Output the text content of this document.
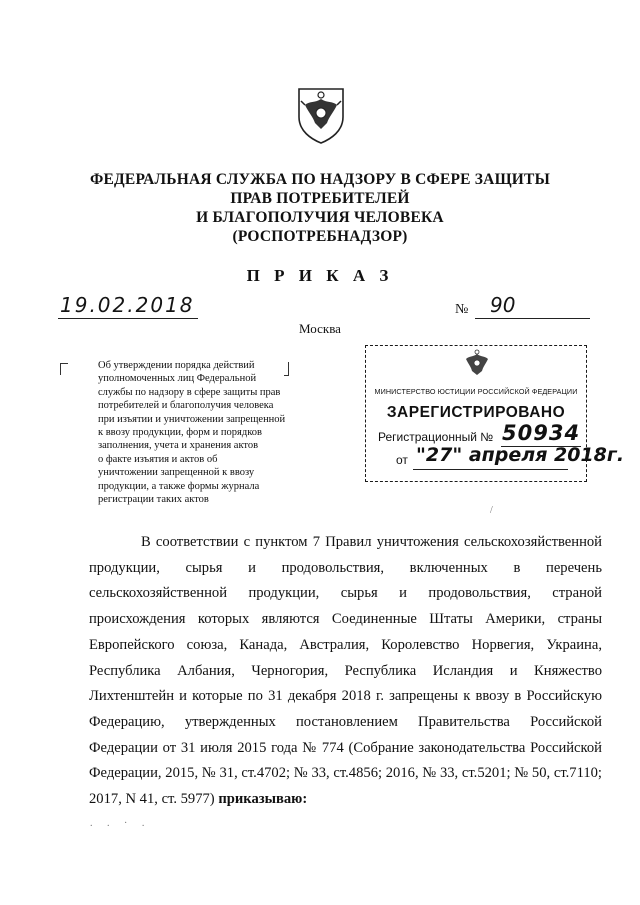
ФЕДЕРАЛЬНАЯ СЛУЖБА ПО НАДЗОРУ В СФЕРЕ ЗАЩИТЫ
ПРАВ ПОТРЕБИТЕЛЕЙ
И БЛАГОПОЛУЧИЯ ЧЕЛОВЕКА
(РОСПОТРЕБНАДЗОР)
П Р И К А З
19.02.2018	№ 90
Москва
Об утверждении порядка действий
уполномоченных лиц Федеральной
службы по надзору в сфере защиты прав
потребителей и благополучия человека
при изъятии и уничтожении запрещенной
к ввозу продукции, форм и порядков
заполнения, учета и хранения актов
о факте изъятия и актов об
уничтожении запрещенной к ввозу
продукции, а также формы журнала
регистрации таких актов
МИНИСТЕРСТВО ЮСТИЦИИ РОССИЙСКОЙ ФЕДЕРАЦИИ
ЗАРЕГИСТРИРОВАНО
Регистрационный № 50934
от "27" апреля 2018г.
В соответствии с пунктом 7 Правил уничтожения сельскохозяйственной продукции, сырья и продовольствия, включенных в перечень сельскохозяйственной продукции, сырья и продовольствия, страной происхождения которых являются Соединенные Штаты Америки, страны Европейского союза, Канада, Австралия, Королевство Норвегия, Украина, Республика Албания, Черногория, Республика Исландия и Княжество Лихтенштейн и которые по 31 декабря 2018 г. запрещены к ввозу в Российскую Федерацию, утвержденных постановлением Правительства Российской Федерации от 31 июля 2015 года № 774 (Собрание законодательства Российской Федерации, 2015, № 31, ст.4702; № 33, ст.4856; 2016, № 33, ст.5201; № 50, ст.7110; 2017, N 41, ст. 5977) приказываю:
/
. . · .
